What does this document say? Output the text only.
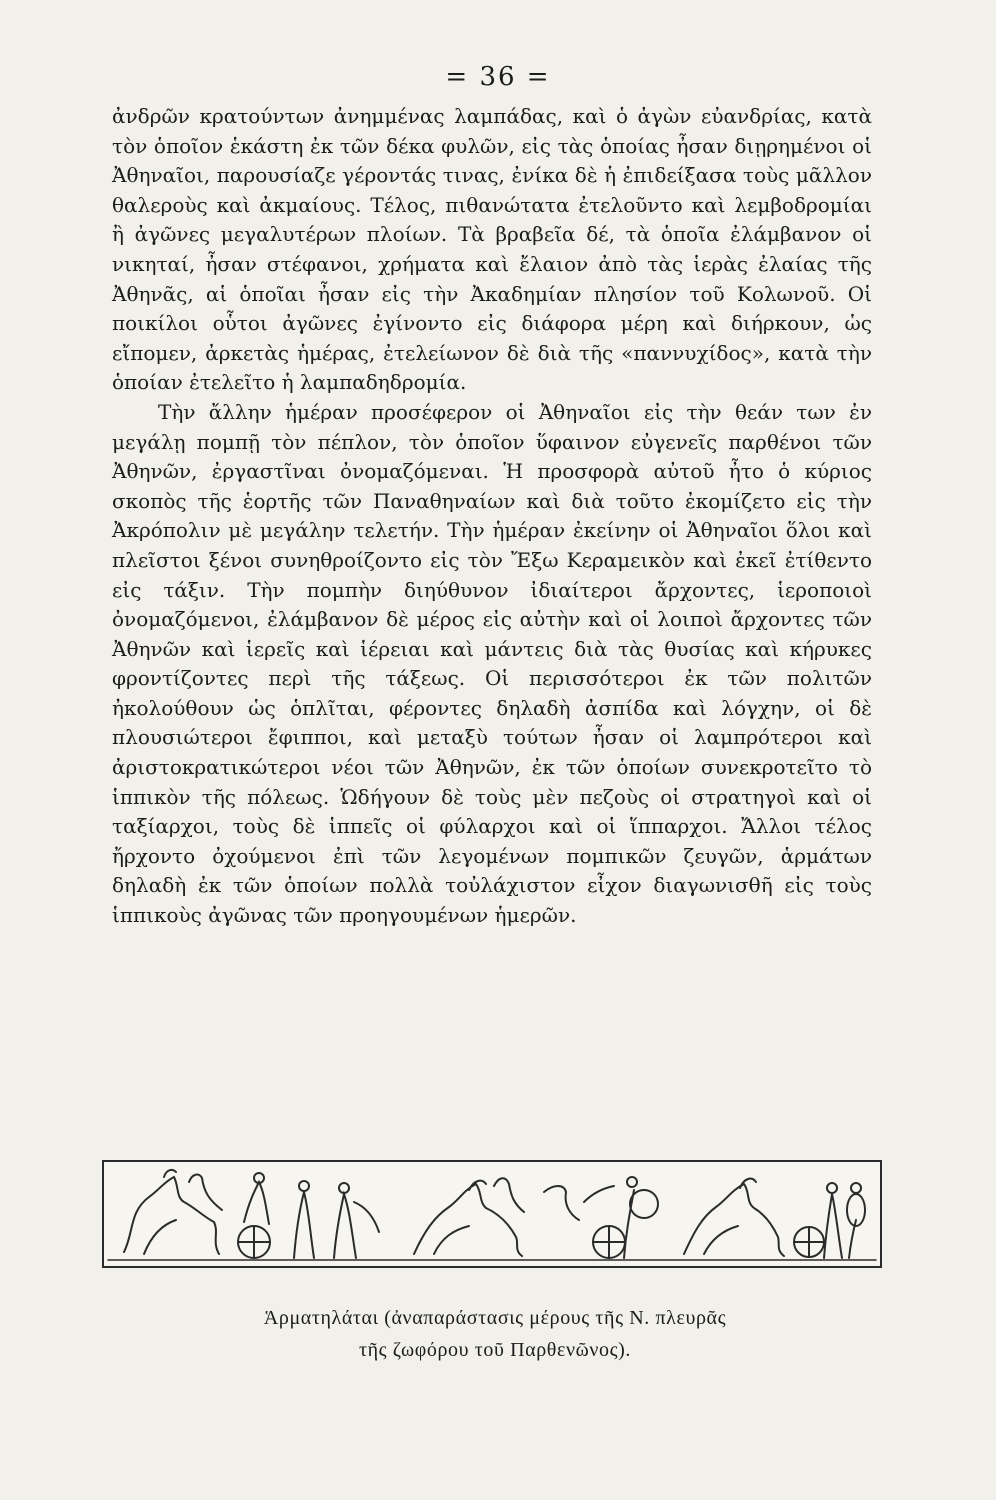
= 36 =

ἀνδρῶν κρατούντων ἀνημμένας λαμπάδας, καὶ ὁ ἀγὼν εὐανδρίας, κατὰ τὸν ὁποῖον ἑκάστη ἐκ τῶν δέκα φυλῶν, εἰς τὰς ὁποίας ἦσαν διῃρημένοι οἱ Ἀθηναῖοι, παρουσίαζε γέροντάς τινας, ἐνίκα δὲ ἡ ἐπιδείξασα τοὺς μᾶλλον θαλεροὺς καὶ ἀκμαίους. Τέλος, πιθανώτατα ἐτελοῦντο καὶ λεμβοδρομίαι ἢ ἀγῶνες μεγαλυτέρων πλοίων. Τὰ βραβεῖα δέ, τὰ ὁποῖα ἐλάμβανον οἱ νικηταί, ἦσαν στέφανοι, χρήματα καὶ ἔλαιον ἀπὸ τὰς ἱερὰς ἐλαίας τῆς Ἀθηνᾶς, αἱ ὁποῖαι ἦσαν εἰς τὴν Ἀκαδημίαν πλησίον τοῦ Κολωνοῦ. Οἱ ποικίλοι οὗτοι ἀγῶνες ἐγίνοντο εἰς διάφορα μέρη καὶ διήρκουν, ὡς εἴπομεν, ἀρκετὰς ἡμέρας, ἐτελείωνον δὲ διὰ τῆς «παννυχίδος», κατὰ τὴν ὁποίαν ἐτελεῖτο ἡ λαμπαδηδρομία.

Τὴν ἄλλην ἡμέραν προσέφερον οἱ Ἀθηναῖοι εἰς τὴν θεάν των ἐν μεγάλῃ πομπῇ τὸν πέπλον, τὸν ὁποῖον ὕφαινον εὐγενεῖς παρθένοι τῶν Ἀθηνῶν, ἐργαστῖναι ὀνομαζόμεναι. Ἡ προσφορὰ αὐτοῦ ἦτο ὁ κύριος σκοπὸς τῆς ἑορτῆς τῶν Παναθηναίων καὶ διὰ τοῦτο ἐκομίζετο εἰς τὴν Ἀκρόπολιν μὲ μεγάλην τελετήν. Τὴν ἡμέραν ἐκείνην οἱ Ἀθηναῖοι ὅλοι καὶ πλεῖστοι ξένοι συνηθροίζοντο εἰς τὸν Ἔξω Κεραμεικὸν καὶ ἐκεῖ ἐτίθεντο εἰς τάξιν. Τὴν πομπὴν διηύθυνον ἰδιαίτεροι ἄρχοντες, ἱεροποιοὶ ὀνομαζόμενοι, ἐλάμβανον δὲ μέρος εἰς αὐτὴν καὶ οἱ λοιποὶ ἄρχοντες τῶν Ἀθηνῶν καὶ ἱερεῖς καὶ ἱέρειαι καὶ μάντεις διὰ τὰς θυσίας καὶ κήρυκες φροντίζοντες περὶ τῆς τάξεως. Οἱ περισσότεροι ἐκ τῶν πολιτῶν ἠκολούθουν ὡς ὁπλῖται, φέροντες δηλαδὴ ἀσπίδα καὶ λόγχην, οἱ δὲ πλουσιώτεροι ἔφιπποι, καὶ μεταξὺ τούτων ἦσαν οἱ λαμπρότεροι καὶ ἀριστοκρατικώτεροι νέοι τῶν Ἀθηνῶν, ἐκ τῶν ὁποίων συνεκροτεῖτο τὸ ἱππικὸν τῆς πόλεως. Ὡδήγουν δὲ τοὺς μὲν πεζοὺς οἱ στρατηγοὶ καὶ οἱ ταξίαρχοι, τοὺς δὲ ἱππεῖς οἱ φύλαρχοι καὶ οἱ ἵππαρχοι. Ἄλλοι τέλος ἤρχοντο ὀχούμενοι ἐπὶ τῶν λεγομένων πομπικῶν ζευγῶν, ἁρμάτων δηλαδὴ ἐκ τῶν ὁποίων πολλὰ τοὐλάχιστον εἶχον διαγωνισθῆ εἰς τοὺς ἱππικοὺς ἀγῶνας τῶν προηγουμένων ἡμερῶν.

Ἁρματηλάται (ἀναπαράστασις μέρους τῆς Ν. πλευρᾶς
τῆς ζωφόρου τοῦ Παρθενῶνος).
